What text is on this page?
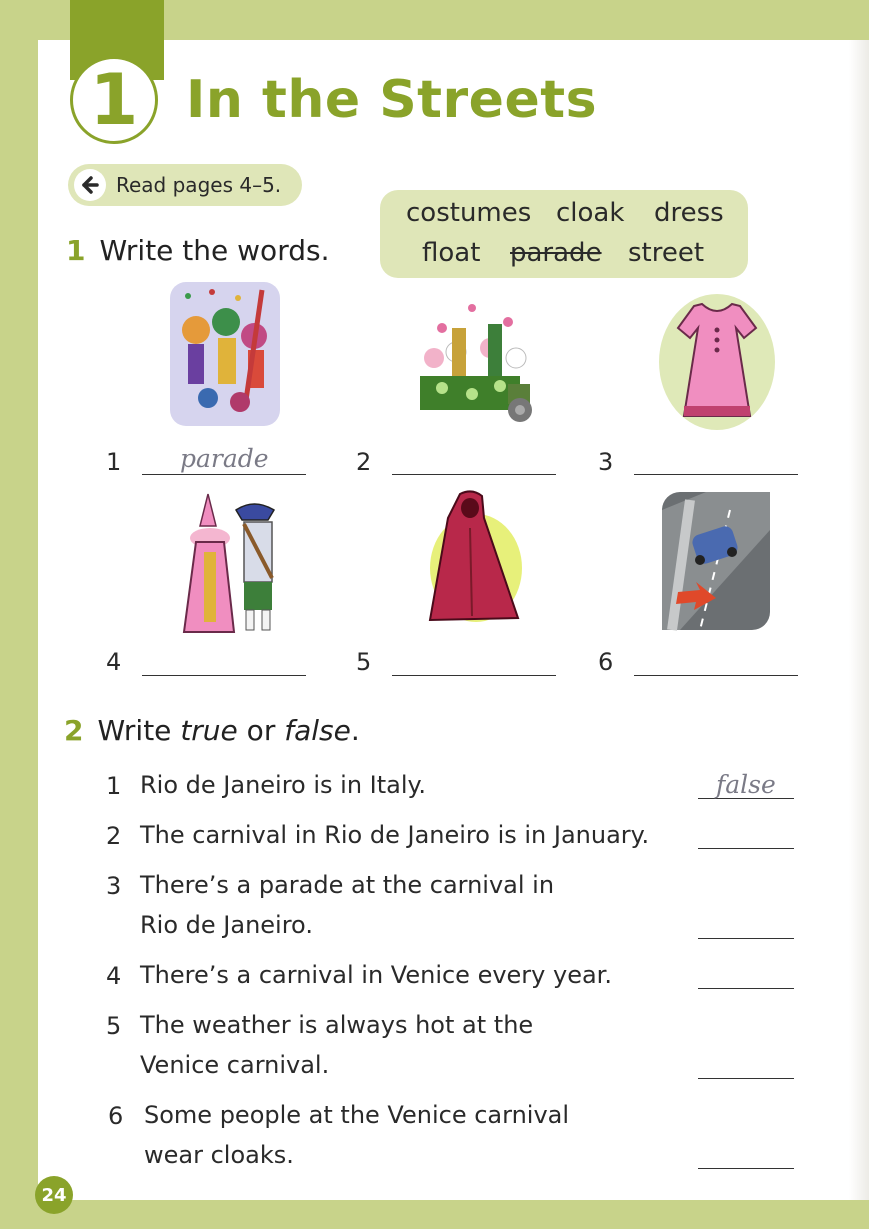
1 In the Streets
Read pages 4–5.
1 Write the words.
costumes cloak dress
float parade street
1 parade	2	3
4	5	6
2 Write true or false.
1 Rio de Janeiro is in Italy.	false
2 The carnival in Rio de Janeiro is in January.
3 There’s a parade at the carnival in
Rio de Janeiro.
4 There’s a carnival in Venice every year.
5 The weather is always hot at the
Venice carnival.
6 Some people at the Venice carnival
wear cloaks.
24
